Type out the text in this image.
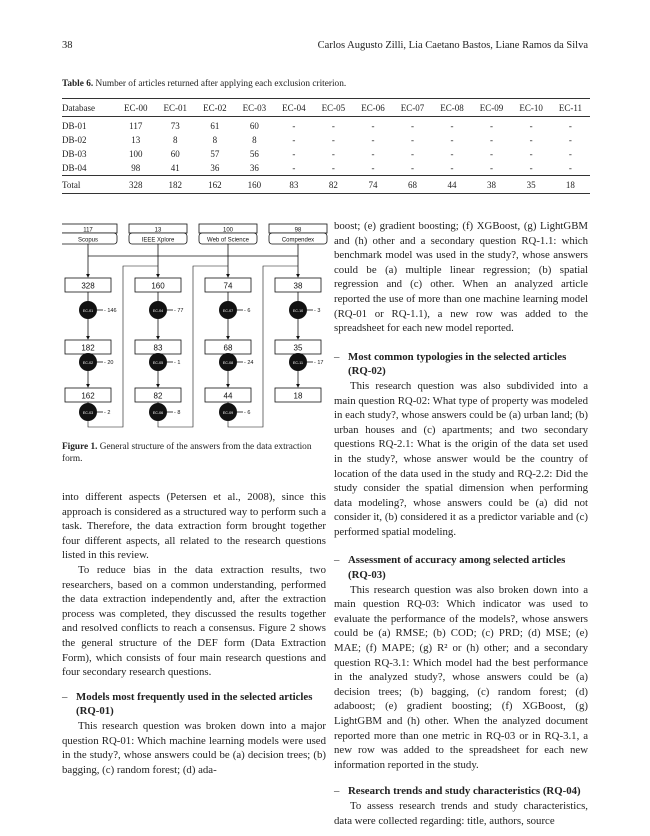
38	Carlos Augusto Zilli, Lia Caetano Bastos, Liane Ramos da Silva
Table 6. Number of articles returned after applying each exclusion criterion.
Database	EC-00	EC-01	EC-02	EC-03	EC-04	EC-05	EC-06	EC-07	EC-08	EC-09	EC-10	EC-11
DB-01	117	73	61	60	-	-	-	-	-	-	-	-
DB-02	13	8	8	8	-	-	-	-	-	-	-	-
DB-03	100	60	57	56	-	-	-	-	-	-	-	-
DB-04	98	41	36	36	-	-	-	-	-	-	-	-
Total	328	182	162	160	83	82	74	68	44	38	35	18
117
Scopus
13
IEEE Xplore
100
Web of Science
98
Compendex
328
182
162
EC-01 - 146
EC-02 - 20
EC-03 - 2
160
83
82
EC-04 - 77
EC-05 - 1
EC-06 - 8
74
68
44
EC-07 - 6
EC-08 - 24
EC-09 - 6
38
35
18
EC-10 - 3
EC-11 - 17
Figure 1. General structure of the answers from the data extraction form.

into different aspects (Petersen et al., 2008), since this approach is considered as a structured way to perform such a task. Therefore, the data extraction form brought together four different aspects, all related to the research questions listed in this review.

To reduce bias in the data extraction results, two researchers, based on a common understanding, performed the data extraction independently and, after the extraction process was completed, they discussed the results together and resolved conflicts to reach a consensus. Figure 2 shows the general structure of the DEF form (Data Extraction Form), which consists of four main research questions and four secondary research questions.

– Models most frequently used in the selected articles (RQ-01)

This research question was broken down into a major question RQ-01: Which machine learning models were used in the study?, whose answers could be (a) decision trees; (b) bagging, (c) random forest; (d) ada-

boost; (e) gradient boosting; (f) XGBoost, (g) LightGBM and (h) other and a secondary question RQ-1.1: which benchmark model was used in the study?, whose answers could be (a) multiple linear regression; (b) spatial regression and (c) other. When an analyzed article reported the use of more than one machine learning model (RQ-01 or RQ-1.1), a new row was added to the spreadsheet for each new model reported.

– Most common typologies in the selected articles (RQ-02)

This research question was also subdivided into a main question RQ-02: What type of property was modeled in each study?, whose answers could be (a) urban land; (b) urban houses and (c) apartments; and two secondary questions RQ-2.1: What is the origin of the data set used in the study?, whose answer would be the country of location of the data used in the study and RQ-2.2: Did the study consider the spatial dimension when performing data modeling?, whose answers could be (a) did not consider it, (b) considered it as a predictor variable and (c) performed spatial modeling.

– Assessment of accuracy among selected articles (RQ-03)

This research question was also broken down into a main question RQ-03: Which indicator was used to evaluate the performance of the models?, whose answers could be (a) RMSE; (b) COD; (c) PRD; (d) MSE; (e) MAE; (f) MAPE; (g) R² or (h) other; and a secondary question RQ-3.1: Which model had the best performance in the analyzed study?, whose answers could be (a) decision trees; (b) bagging, (c) random forest; (d) adaboost; (e) gradient boosting; (f) XGBoost, (g) LightGBM and (h) other. When the analyzed document reported more than one metric in RQ-03 or in RQ-3.1, a new row was added to the spreadsheet for each new information reported in the study.

– Research trends and study characteristics (RQ-04)

To assess research trends and study characteristics, data were collected regarding: title, authors, source
